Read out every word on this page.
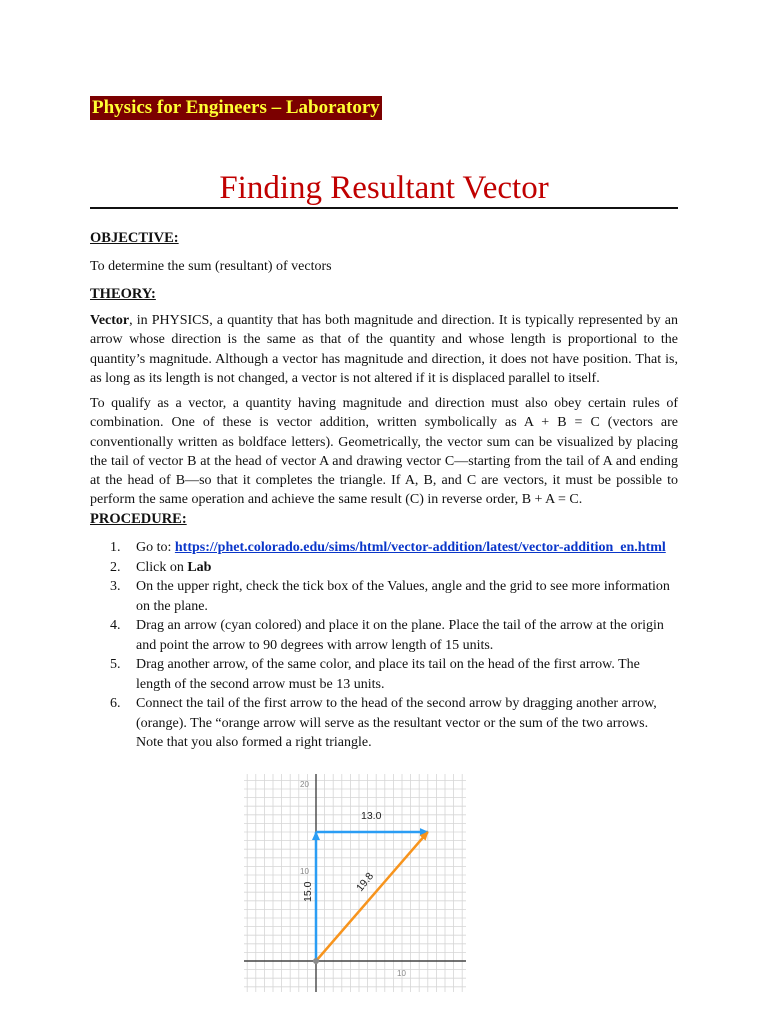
Physics for Engineers – Laboratory
Finding Resultant Vector
OBJECTIVE:
To determine the sum (resultant) of vectors
THEORY:

Vector, in PHYSICS, a quantity that has both magnitude and direction. It is typically represented by an arrow whose direction is the same as that of the quantity and whose length is proportional to the quantity’s magnitude. Although a vector has magnitude and direction, it does not have position. That is, as long as its length is not changed, a vector is not altered if it is displaced parallel to itself.

To qualify as a vector, a quantity having magnitude and direction must also obey certain rules of combination. One of these is vector addition, written symbolically as A + B = C (vectors are conventionally written as boldface letters). Geometrically, the vector sum can be visualized by placing the tail of vector B at the head of vector A and drawing vector C—starting from the tail of A and ending at the head of B—so that it completes the triangle. If A, B, and C are vectors, it must be possible to perform the same operation and achieve the same result (C) in reverse order, B + A = C.

PROCEDURE:
1. Go to: https://phet.colorado.edu/sims/html/vector-addition/latest/vector-addition_en.html
2. Click on Lab
3. On the upper right, check the tick box of the Values, angle and the grid to see more information on the plane.
4. Drag an arrow (cyan colored) and place it on the plane. Place the tail of the arrow at the origin and point the arrow to 90 degrees with arrow length of 15 units.
5. Drag another arrow, of the same color, and place its tail on the head of the first arrow. The length of the second arrow must be 13 units.
6. Connect the tail of the first arrow to the head of the second arrow by dragging another arrow, (orange). The “orange arrow will serve as the resultant vector or the sum of the two arrows. Note that you also formed a right triangle.
20
10
10
13.0
15.0	19.8
